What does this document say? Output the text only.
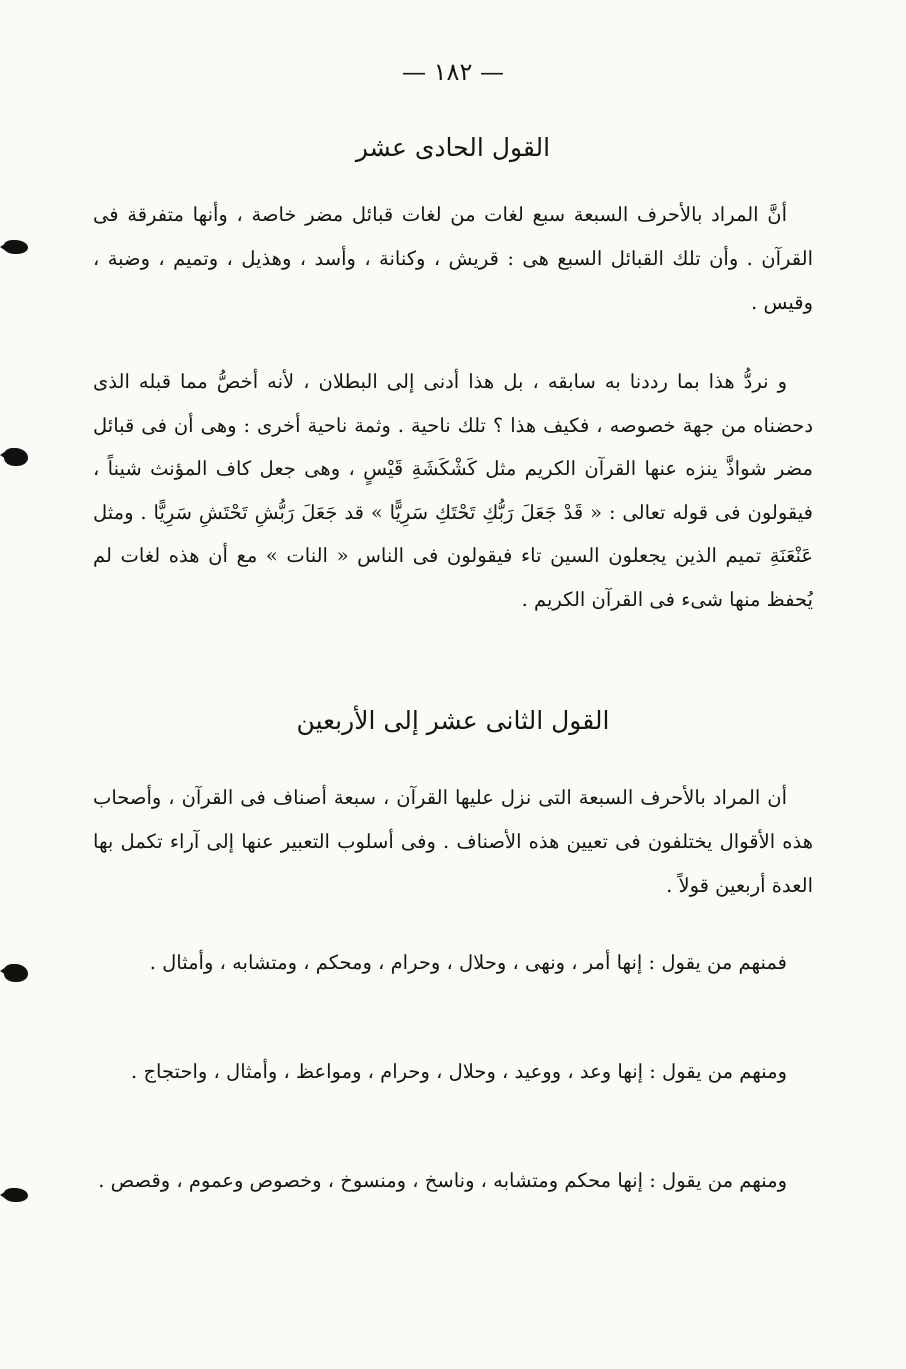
— ١٨٢ —
القول الحادى عشر

أنَّ المراد بالأحرف السبعة سبع لغات من لغات قبائل مضر خاصة ، وأنها متفرقة فى القرآن . وأن تلك القبائل السبع هى : قريش ، وكنانة ، وأسد ، وهذيل ، وتميم ، وضبة ، وقيس .

و نردُّ هذا بما رددنا به سابقه ، بل هذا أدنى إلى البطلان ، لأنه أخصُّ مما قبله الذى دحضناه من جهة خصوصه ، فكيف هذا ؟ تلك ناحية . وثمة ناحية أخرى : وهى أن فى قبائل مضر شواذَّ ينزه عنها القرآن الكريم مثل كَشْكَشَةِ قَيْسٍ ، وهى جعل كاف المؤنث شيناً ، فيقولون فى قوله تعالى : « قَدْ جَعَلَ رَبُّكِ تَحْتَكِ سَرِيًّا » قد جَعَلَ رَبُّشِ تَحْتَشِ سَرِيًّا . ومثل عَنْعَنَةِ تميم الذين يجعلون السين تاء فيقولون فى الناس « النات » مع أن هذه لغات لم يُحفظ منها شىء فى القرآن الكريم .

القول الثانى عشر إلى الأربعين

أن المراد بالأحرف السبعة التى نزل عليها القرآن ، سبعة أصناف فى القرآن ، وأصحاب هذه الأقوال يختلفون فى تعيين هذه الأصناف . وفى أسلوب التعبير عنها إلى آراء تكمل بها العدة أربعين قولاً .

فمنهم من يقول : إنها أمر ، ونهى ، وحلال ، وحرام ، ومحكم ، ومتشابه ، وأمثال .

ومنهم من يقول : إنها وعد ، ووعيد ، وحلال ، وحرام ، ومواعظ ، وأمثال ، واحتجاج .

ومنهم من يقول : إنها محكم ومتشابه ، وناسخ ، ومنسوخ ، وخصوص وعموم ، وقصص .
